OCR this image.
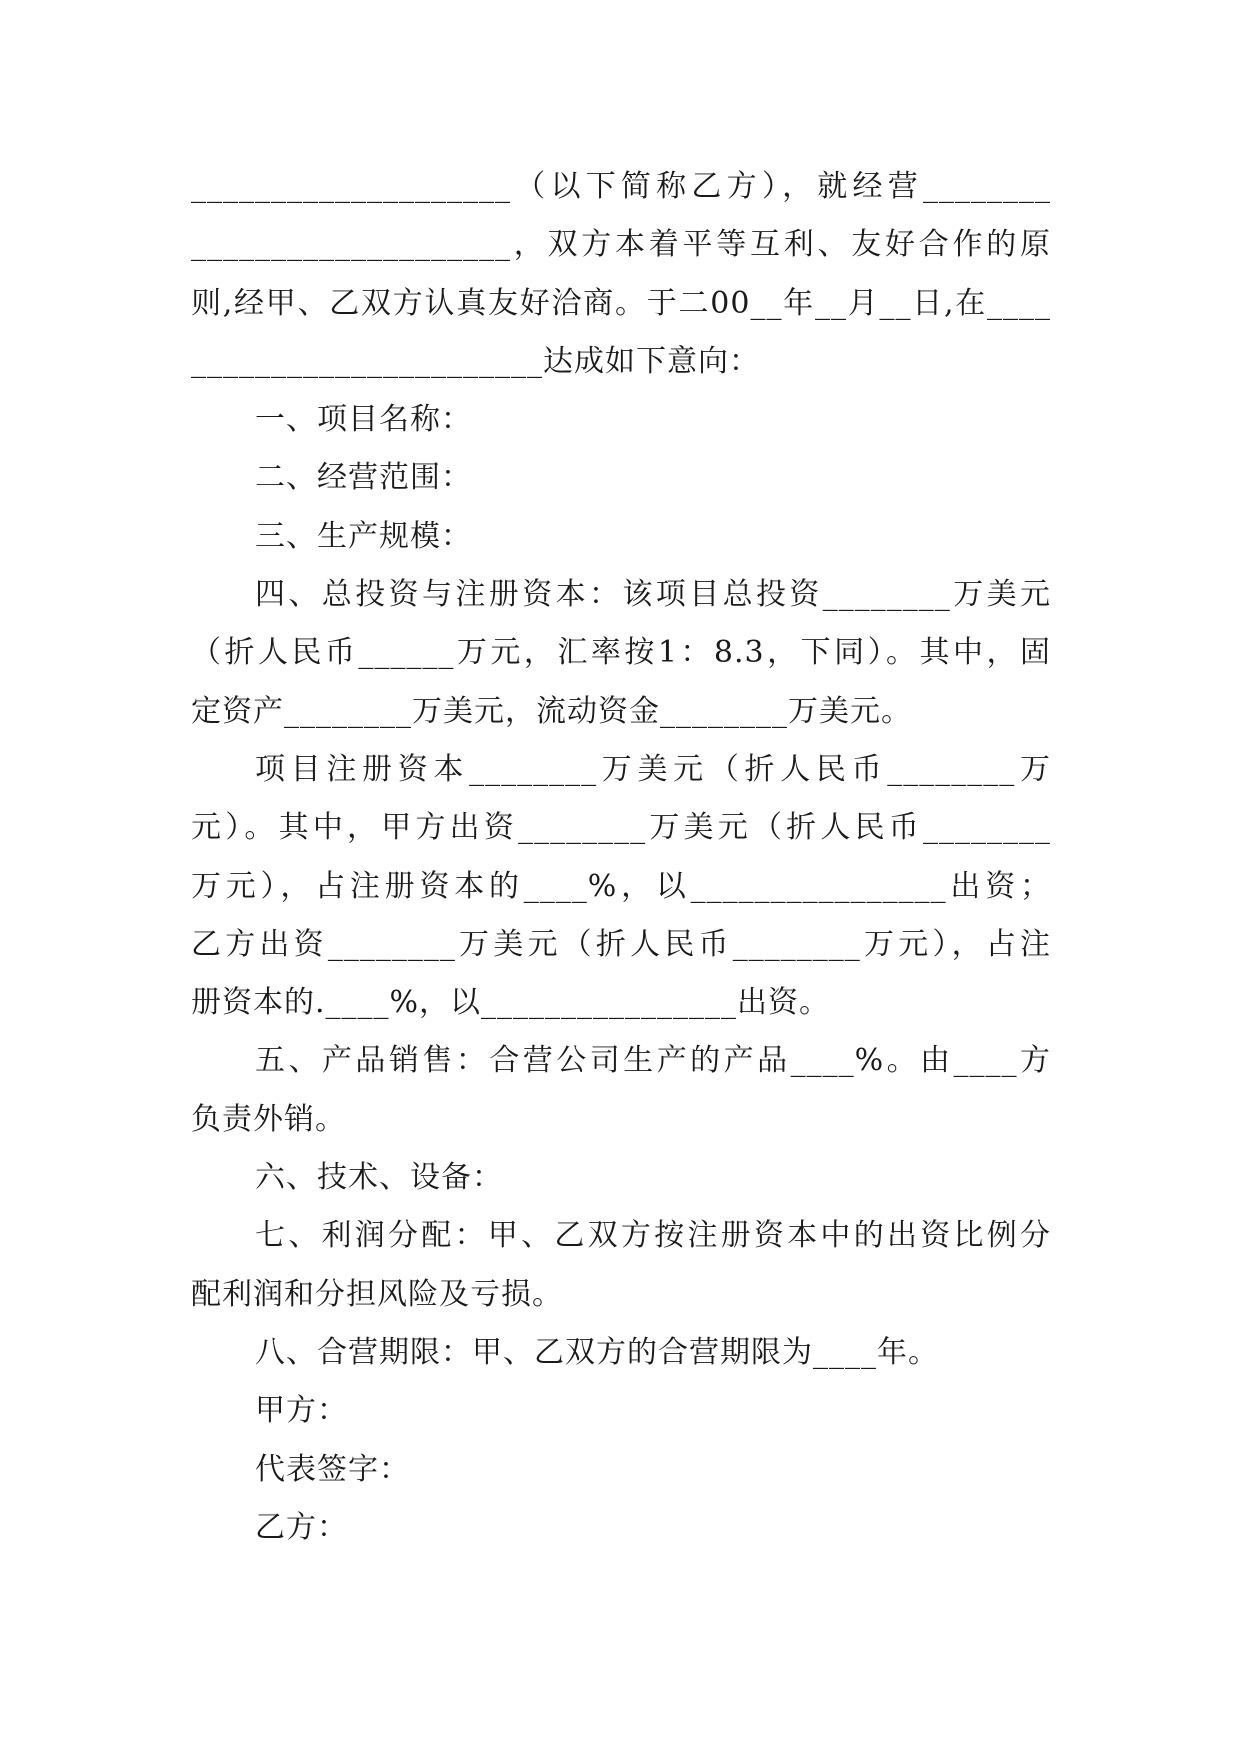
____________________（以下简称乙方），就经营________
____________________，双方本着平等互利、友好合作的原
则,经甲、乙双方认真友好洽商。于二00__年__月__日,在____
______________________达成如下意向：
一、项目名称：
二、经营范围：
三、生产规模：
四、总投资与注册资本：该项目总投资________万美元
（折人民币______万元，汇率按1：8.3，下同）。其中，固
定资产________万美元，流动资金________万美元。
项目注册资本________万美元（折人民币________万
元）。其中，甲方出资________万美元（折人民币________
万元），占注册资本的____%，以________________出资；
乙方出资________万美元（折人民币________万元），占注
册资本的.____%，以________________出资。
五、产品销售：合营公司生产的产品____%。由____方
负责外销。
六、技术、设备：
七、利润分配：甲、乙双方按注册资本中的出资比例分
配利润和分担风险及亏损。
八、合营期限：甲、乙双方的合营期限为____年。
甲方：
代表签字：
乙方：
